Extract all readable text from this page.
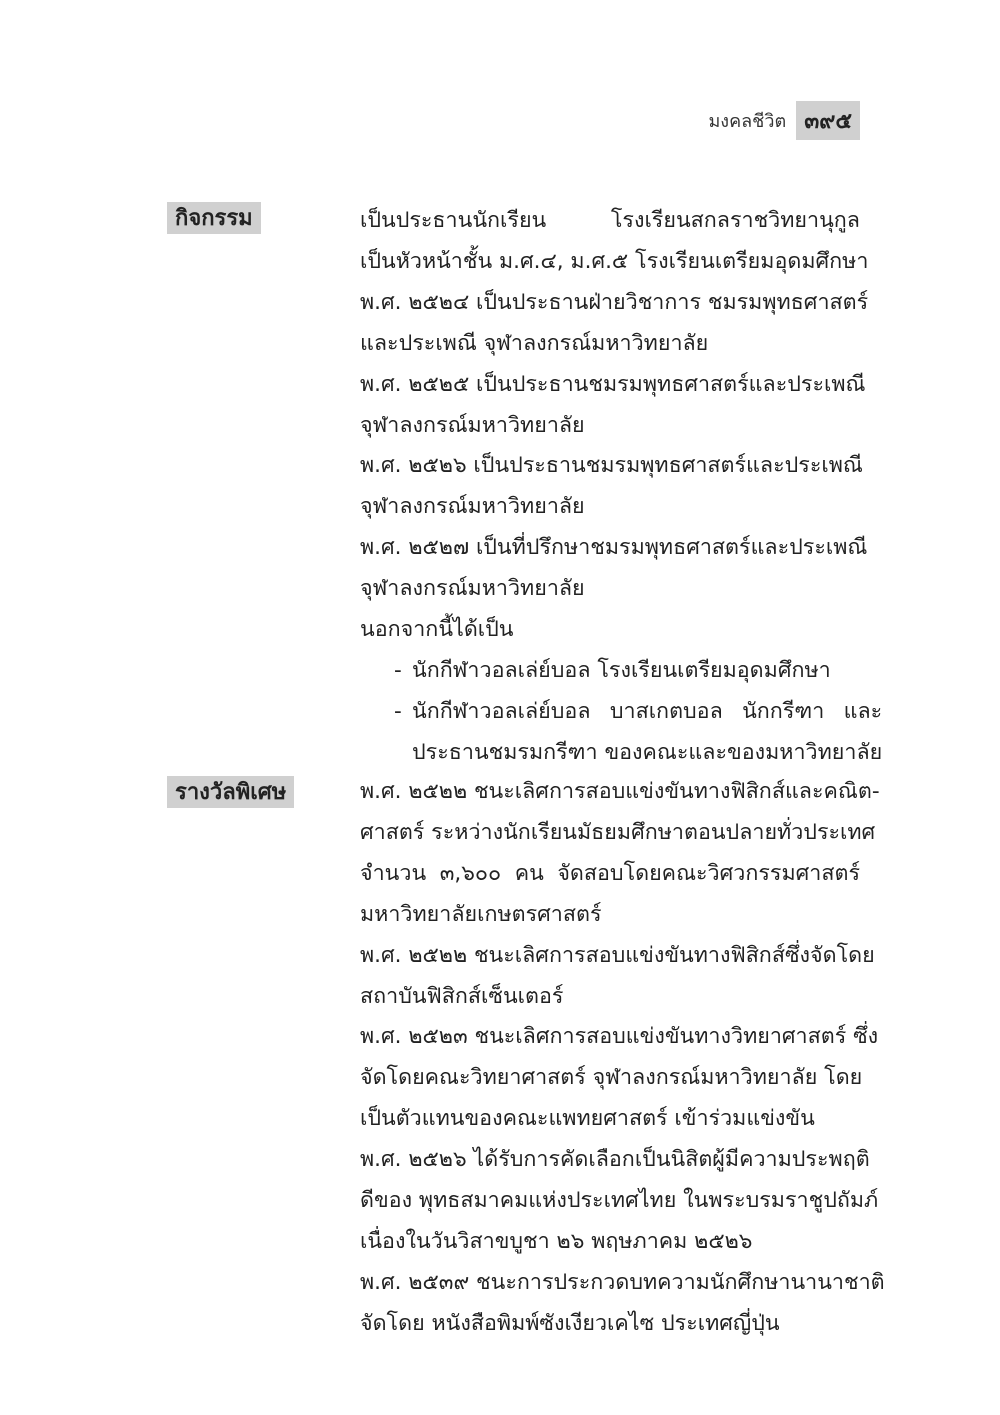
มงคลชีวิต ๓๙๕
กิจกรรม	เป็นประธานนักเรียน โรงเรียนสกลราชวิทยานุกูล
เป็นหัวหน้าชั้น ม.ศ.๔, ม.ศ.๕ โรงเรียนเตรียมอุดมศึกษา
พ.ศ. ๒๕๒๔ เป็นประธานฝ่ายวิชาการ ชมรมพุทธศาสตร์
และประเพณี จุฬาลงกรณ์มหาวิทยาลัย
พ.ศ. ๒๕๒๕ เป็นประธานชมรมพุทธศาสตร์และประเพณี
จุฬาลงกรณ์มหาวิทยาลัย
พ.ศ. ๒๕๒๖ เป็นประธานชมรมพุทธศาสตร์และประเพณี
จุฬาลงกรณ์มหาวิทยาลัย
พ.ศ. ๒๕๒๗ เป็นที่ปรึกษาชมรมพุทธศาสตร์และประเพณี
จุฬาลงกรณ์มหาวิทยาลัย
นอกจากนี้ได้เป็น
- นักกีฬาวอลเล่ย์บอล โรงเรียนเตรียมอุดมศึกษา
- นักกีฬาวอลเล่ย์บอล บาสเกตบอล นักกรีฑา และ
ประธานชมรมกรีฑา ของคณะและของมหาวิทยาลัย
รางวัลพิเศษ	พ.ศ. ๒๕๒๒ ชนะเลิศการสอบแข่งขันทางฟิสิกส์และคณิต-
ศาสตร์ ระหว่างนักเรียนมัธยมศึกษาตอนปลายทั่วประเทศ
จำนวน ๓,๖๐๐ คน จัดสอบโดยคณะวิศวกรรมศาสตร์
มหาวิทยาลัยเกษตรศาสตร์
พ.ศ. ๒๕๒๒ ชนะเลิศการสอบแข่งขันทางฟิสิกส์ซึ่งจัดโดย
สถาบันฟิสิกส์เซ็นเตอร์
พ.ศ. ๒๕๒๓ ชนะเลิศการสอบแข่งขันทางวิทยาศาสตร์ ซึ่ง
จัดโดยคณะวิทยาศาสตร์ จุฬาลงกรณ์มหาวิทยาลัย โดย
เป็นตัวแทนของคณะแพทยศาสตร์ เข้าร่วมแข่งขัน
พ.ศ. ๒๕๒๖ ได้รับการคัดเลือกเป็นนิสิตผู้มีความประพฤติ
ดีของ พุทธสมาคมแห่งประเทศไทย ในพระบรมราชูปถัมภ์
เนื่องในวันวิสาขบูชา ๒๖ พฤษภาคม ๒๕๒๖
พ.ศ. ๒๕๓๙ ชนะการประกวดบทความนักศึกษานานาชาติ
จัดโดย หนังสือพิมพ์ซังเงียวเคไซ ประเทศญี่ปุ่น
